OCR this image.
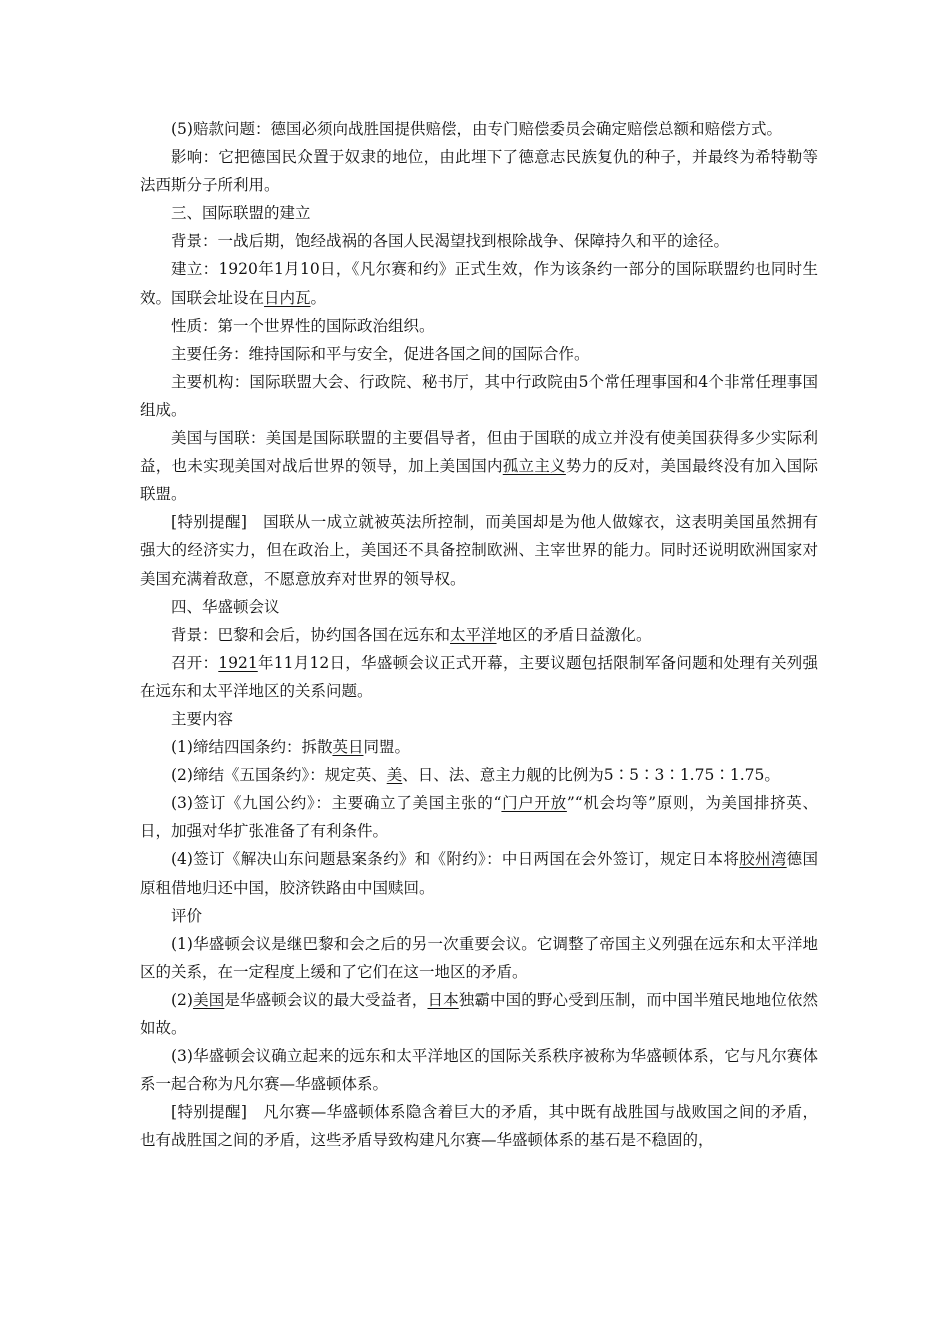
(5)赔款问题：德国必须向战胜国提供赔偿，由专门赔偿委员会确定赔偿总额和赔偿方式。

影响：它把德国民众置于奴隶的地位，由此埋下了德意志民族复仇的种子，并最终为希特勒等法西斯分子所利用。

三、国际联盟的建立

背景：一战后期，饱经战祸的各国人民渴望找到根除战争、保障持久和平的途径。

建立：1920年1月10日，《凡尔赛和约》正式生效，作为该条约一部分的国际联盟约也同时生效。国联会址设在日内瓦。

性质：第一个世界性的国际政治组织。

主要任务：维持国际和平与安全，促进各国之间的国际合作。

主要机构：国际联盟大会、行政院、秘书厅，其中行政院由5个常任理事国和4个非常任理事国组成。

美国与国联：美国是国际联盟的主要倡导者，但由于国联的成立并没有使美国获得多少实际利益，也未实现美国对战后世界的领导，加上美国国内孤立主义势力的反对，美国最终没有加入国际联盟。

[特别提醒]　国联从一成立就被英法所控制，而美国却是为他人做嫁衣，这表明美国虽然拥有强大的经济实力，但在政治上，美国还不具备控制欧洲、主宰世界的能力。同时还说明欧洲国家对美国充满着敌意，不愿意放弃对世界的领导权。

四、华盛顿会议

背景：巴黎和会后，协约国各国在远东和太平洋地区的矛盾日益激化。

召开：1921年11月12日，华盛顿会议正式开幕，主要议题包括限制军备问题和处理有关列强在远东和太平洋地区的关系问题。

主要内容

(1)缔结四国条约：拆散英日同盟。

(2)缔结《五国条约》：规定英、美、日、法、意主力舰的比例为5∶5∶3∶1.75∶1.75。

(3)签订《九国公约》：主要确立了美国主张的“门户开放”“机会均等”原则，为美国排挤英、日，加强对华扩张准备了有利条件。

(4)签订《解决山东问题悬案条约》和《附约》：中日两国在会外签订，规定日本将胶州湾德国原租借地归还中国，胶济铁路由中国赎回。

评价

(1)华盛顿会议是继巴黎和会之后的另一次重要会议。它调整了帝国主义列强在远东和太平洋地区的关系，在一定程度上缓和了它们在这一地区的矛盾。

(2)美国是华盛顿会议的最大受益者，日本独霸中国的野心受到压制，而中国半殖民地地位依然如故。

(3)华盛顿会议确立起来的远东和太平洋地区的国际关系秩序被称为华盛顿体系，它与凡尔赛体系一起合称为凡尔赛—华盛顿体系。

[特别提醒]　凡尔赛—华盛顿体系隐含着巨大的矛盾，其中既有战胜国与战败国之间的矛盾，也有战胜国之间的矛盾，这些矛盾导致构建凡尔赛—华盛顿体系的基石是不稳固的，
